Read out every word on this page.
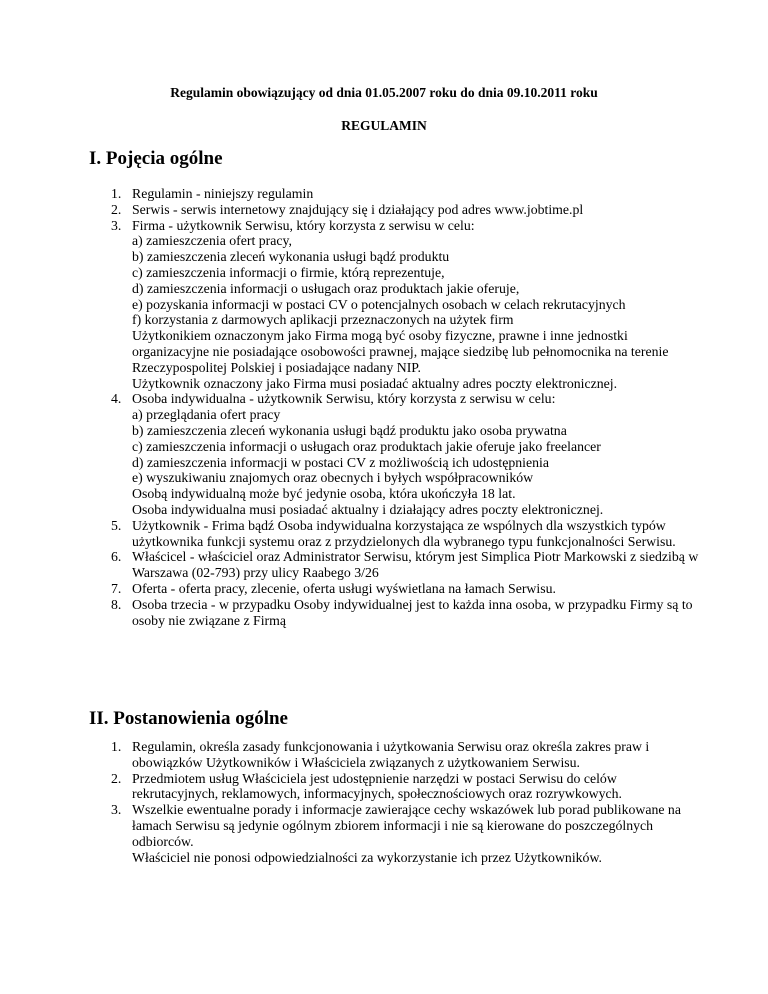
Regulamin obowiązujący od dnia 01.05.2007 roku do dnia 09.10.2011 roku
REGULAMIN
I. Pojęcia ogólne
1. Regulamin - niniejszy regulamin
2. Serwis - serwis internetowy znajdujący się i działający pod adres www.jobtime.pl
3. Firma - użytkownik Serwisu, który korzysta z serwisu w celu:
a) zamieszczenia ofert pracy,
b) zamieszczenia zleceń wykonania usługi bądź produktu
c) zamieszczenia informacji o firmie, którą reprezentuje,
d) zamieszczenia informacji o usługach oraz produktach jakie oferuje,
e) pozyskania informacji w postaci CV o potencjalnych osobach w celach rekrutacyjnych
f) korzystania z darmowych aplikacji przeznaczonych na użytek firm
Użytkonikiem oznaczonym jako Firma mogą być osoby fizyczne, prawne i inne jednostki organizacyjne nie posiadające osobowości prawnej, mające siedzibę lub pełnomocnika na terenie Rzeczypospolitej Polskiej i posiadające nadany NIP.
Użytkownik oznaczony jako Firma musi posiadać aktualny adres poczty elektronicznej.
4. Osoba indywidualna - użytkownik Serwisu, który korzysta z serwisu w celu:
a) przeglądania ofert pracy
b) zamieszczenia zleceń wykonania usługi bądź produktu jako osoba prywatna
c) zamieszczenia informacji o usługach oraz produktach jakie oferuje jako freelancer
d) zamieszczenia informacji w postaci CV z możliwością ich udostępnienia
e) wyszukiwaniu znajomych oraz obecnych i byłych współpracowników
Osobą indywidualną może być jedynie osoba, która ukończyła 18 lat.
Osoba indywidualna musi posiadać aktualny i działający adres poczty elektronicznej.
5. Użytkownik - Frima bądź Osoba indywidualna korzystająca ze wspólnych dla wszystkich typów użytkownika funkcji systemu oraz z przydzielonych dla wybranego typu funkcjonalności Serwisu.
6. Właścicel - właściciel oraz Administrator Serwisu, którym jest Simplica Piotr Markowski z siedzibą w Warszawa (02-793) przy ulicy Raabego 3/26
7. Oferta - oferta pracy, zlecenie, oferta usługi wyświetlana na łamach Serwisu.
8. Osoba trzecia - w przypadku Osoby indywidualnej jest to każda inna osoba, w przypadku Firmy są to osoby nie związane z Firmą
II. Postanowienia ogólne
1. Regulamin, określa zasady funkcjonowania i użytkowania Serwisu oraz określa zakres praw i obowiązków Użytkowników i Właściciela związanych z użytkowaniem Serwisu.
2. Przedmiotem usług Właściciela jest udostępnienie narzędzi w postaci Serwisu do celów rekrutacyjnych, reklamowych, informacyjnych, społecznościowych oraz rozrywkowych.
3. Wszelkie ewentualne porady i informacje zawierające cechy wskazówek lub porad publikowane na łamach Serwisu są jedynie ogólnym zbiorem informacji i nie są kierowane do poszczególnych odbiorców.
Właściciel nie ponosi odpowiedzialności za wykorzystanie ich przez Użytkowników.
